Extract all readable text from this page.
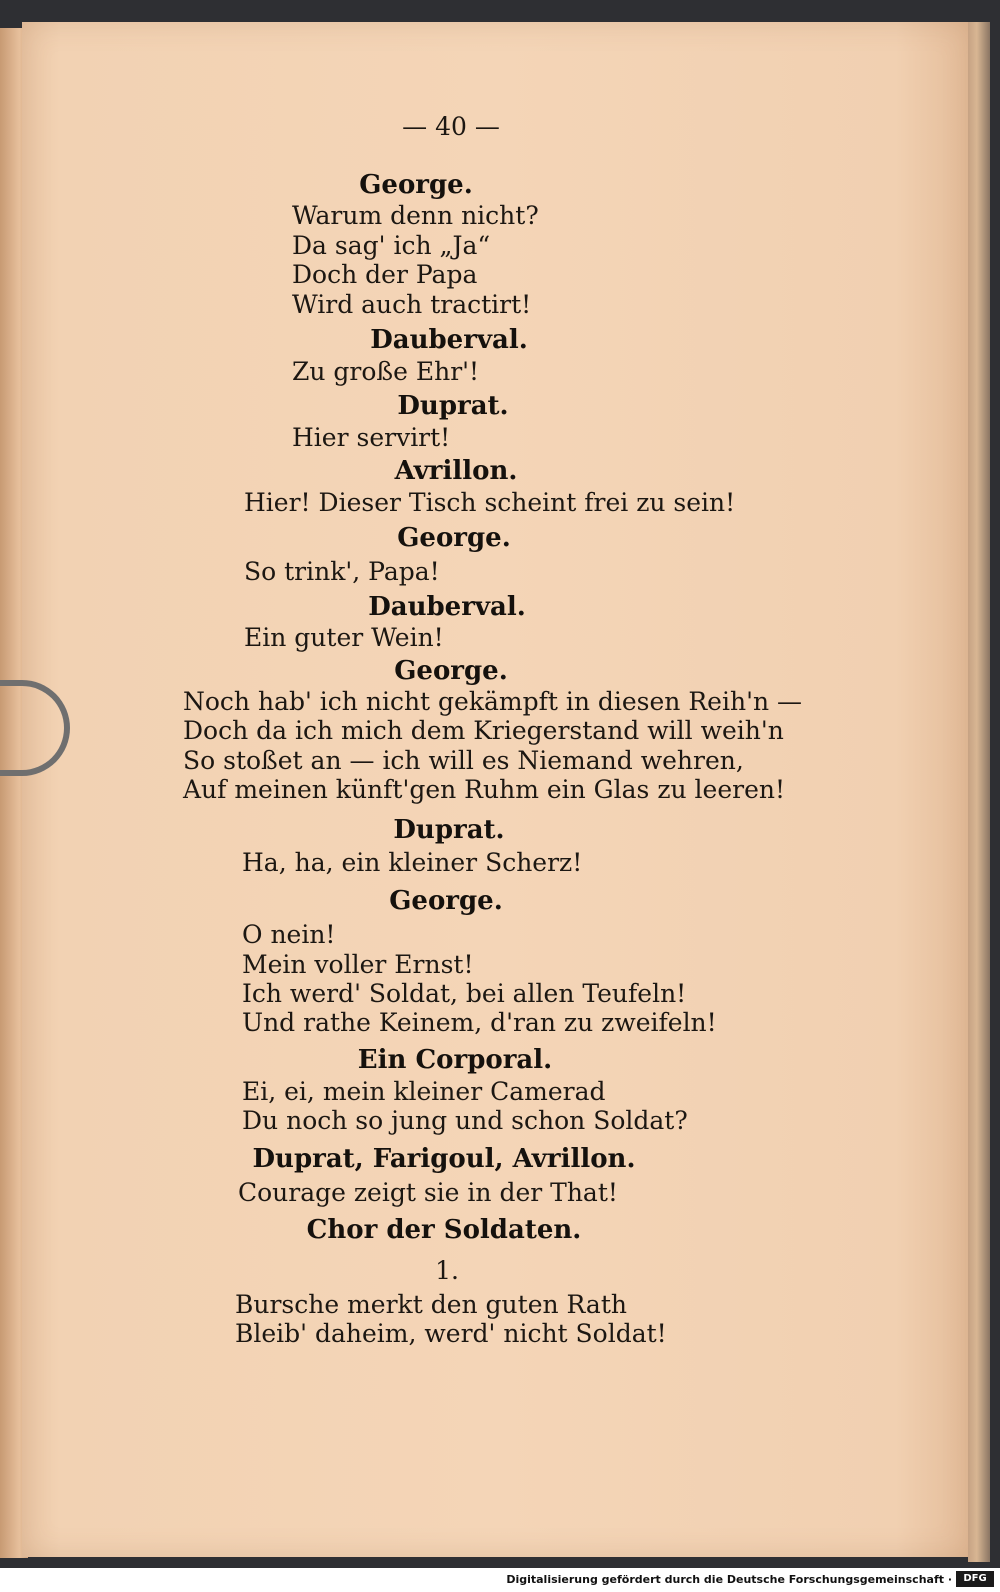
— 40 —
George.
Warum denn nicht?
Da sag' ich „Ja“
Doch der Papa
Wird auch tractirt!
Dauberval.
Zu große Ehr'!
Duprat.
Hier servirt!
Avrillon.
Hier! Dieser Tisch scheint frei zu sein!
George.
So trink', Papa!
Dauberval.
Ein guter Wein!
George.
Noch hab' ich nicht gekämpft in diesen Reih'n —
Doch da ich mich dem Kriegerstand will weih'n
So stoßet an — ich will es Niemand wehren,
Auf meinen künft'gen Ruhm ein Glas zu leeren!
Duprat.
Ha, ha, ein kleiner Scherz!
George.
O nein!
Mein voller Ernst!
Ich werd' Soldat, bei allen Teufeln!
Und rathe Keinem, d'ran zu zweifeln!
Ein Corporal.
Ei, ei, mein kleiner Camerad
Du noch so jung und schon Soldat?
Duprat, Farigoul, Avrillon.
Courage zeigt sie in der That!
Chor der Soldaten.
1.
Bursche merkt den guten Rath
Bleib' daheim, werd' nicht Soldat!
Digitalisierung gefördert durch die Deutsche Forschungsgemeinschaft ·	DFG
